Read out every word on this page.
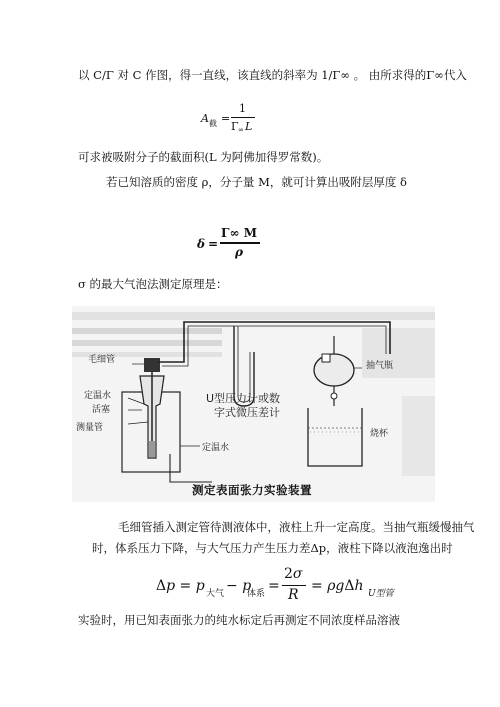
以 C/Γ 对 C 作图，得一直线，该直线的斜率为 1/Γ∞ 。 由所求得的Γ∞代入
A 截 =
1
Γ ∞ L
可求被吸附分子的截面积(L 为阿佛加得罗常数)。
若已知溶质的密度 ρ，分子量 M，就可计算出吸附层厚度 δ
δ =
Γ∞ M
ρ
σ 的最大气泡法测定原理是：
毛细管
定温水
活塞
测量管
U型压力计或数
字式微压差计
抽气瓶
烧杯
定温水
测定表面张力实验装置
毛细管插入测定管待测液体中，液柱上升一定高度。当抽气瓶缓慢抽气
时，体系压力下降，与大气压力产生压力差Δp，液柱下降以液泡逸出时
Δp = p 大气 − p
体系 =
2σ
R
= ρgΔh U型管
实验时，用已知表面张力的纯水标定后再测定不同浓度样品溶液
